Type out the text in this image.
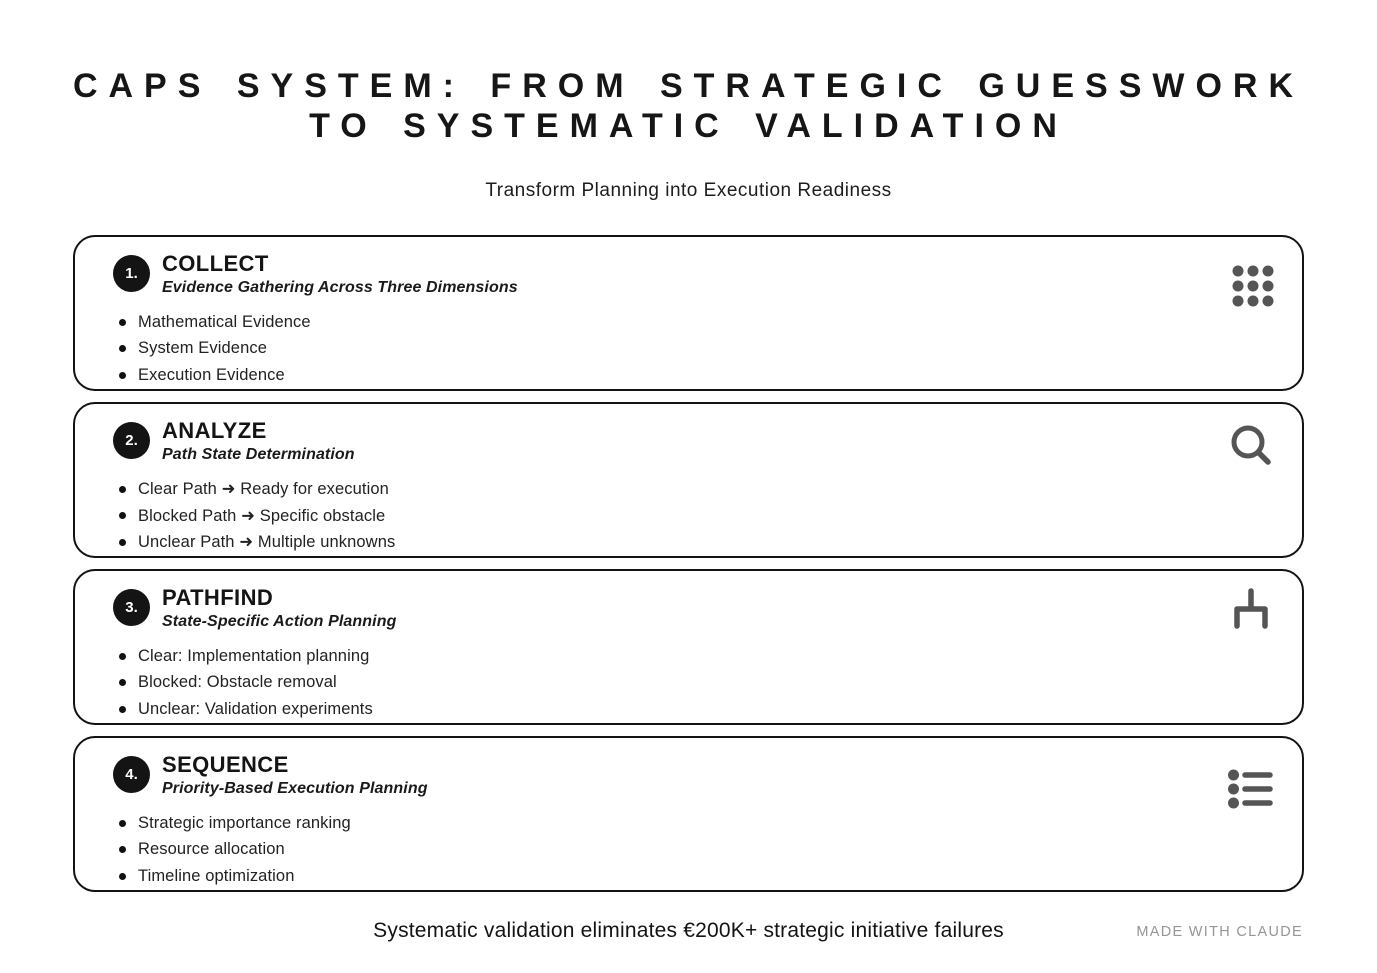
CAPS SYSTEM: FROM STRATEGIC GUESSWORK
TO SYSTEMATIC VALIDATION

Transform Planning into Execution Readiness

1.	COLLECT
Evidence Gathering Across Three Dimensions
Mathematical Evidence
System Evidence
Execution Evidence
2.	ANALYZE
Path State Determination
Clear Path ➜ Ready for execution
Blocked Path ➜ Specific obstacle
Unclear Path ➜ Multiple unknowns
3.	PATHFIND
State-Specific Action Planning
Clear: Implementation planning
Blocked: Obstacle removal
Unclear: Validation experiments
4.	SEQUENCE
Priority-Based Execution Planning
Strategic importance ranking
Resource allocation
Timeline optimization

Systematic validation eliminates €200K+ strategic initiative failures	MADE WITH CLAUDE
